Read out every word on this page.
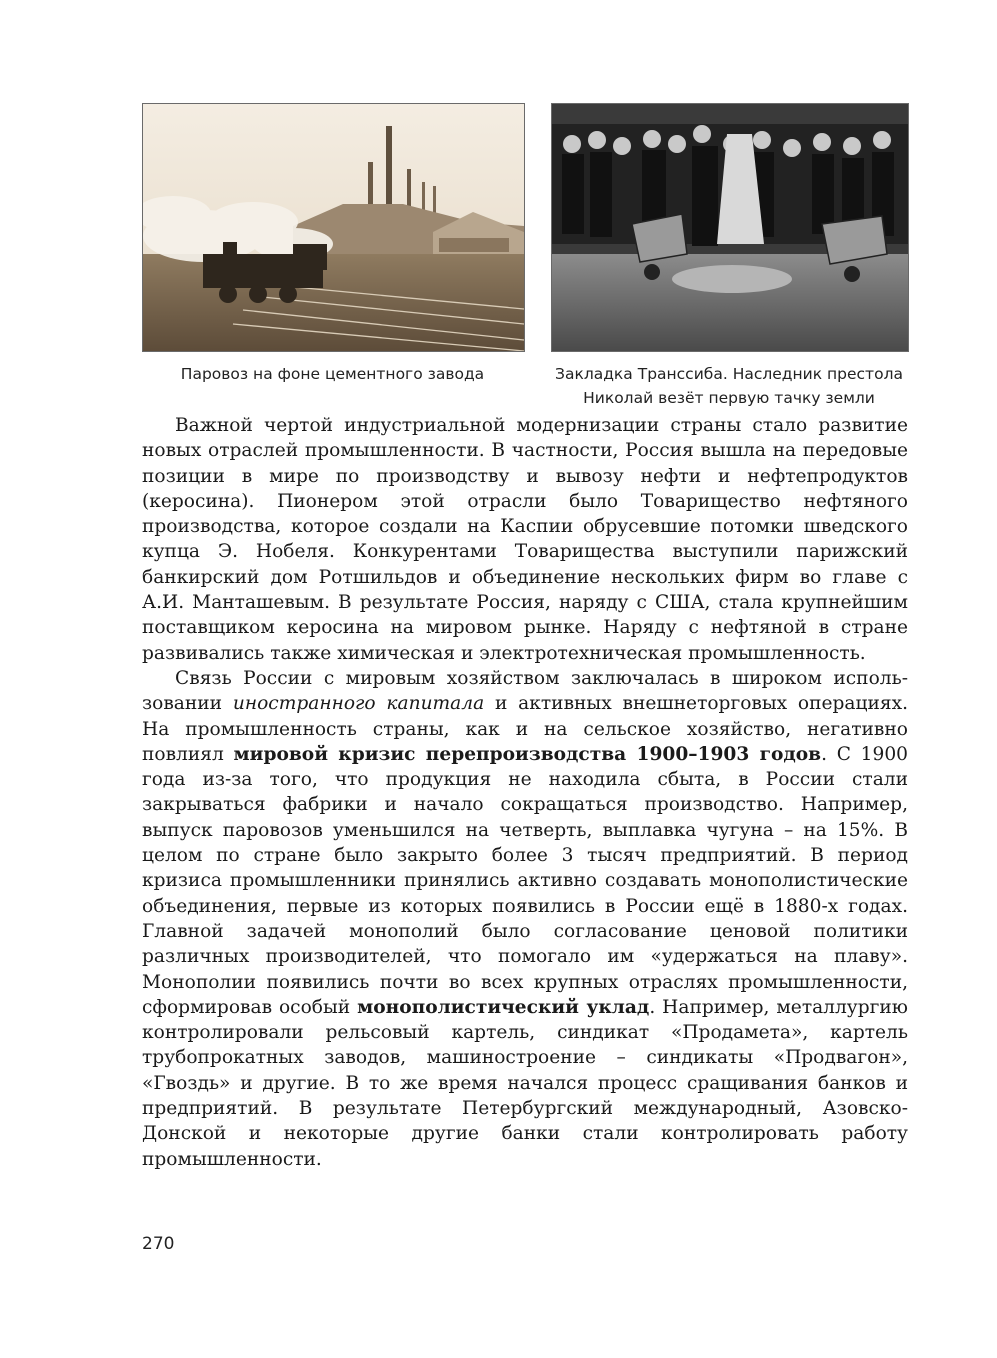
Паровоз на фоне цементного завода	Закладка Транссиба. Наследник престола
Николай везёт первую тачку земли

Важной чертой индустриальной модернизации страны стало развитие новых отраслей промышленности. В частности, Россия вышла на передовые позиции в мире по производству и вывозу нефти и нефтепродуктов (керосина). Пионером этой отрасли было Товарищество нефтяного производства, которое создали на Каспии обрусевшие потомки шведского купца Э. Нобеля. Конкурентами Товарищества выступили парижский банкирский дом Ротшильдов и объединение нескольких фирм во главе с А.И. Манташевым. В результате Россия, наряду с США, стала крупнейшим поставщиком керосина на мировом рынке. Наряду с нефтяной в стране развивались также химическая и электротехническая промышленность.

Связь России с мировым хозяйством заключалась в широком использовании иностранного капитала и активных внешнеторговых операциях. На промышленность страны, как и на сельское хозяйство, негативно повлиял мировой кризис перепроизводства 1900–1903 годов. С 1900 года из-за того, что продукция не находила сбыта, в России стали закрываться фабрики и начало сокращаться производство. Например, выпуск паровозов уменьшился на четверть, выплавка чугуна – на 15%. В целом по стране было закрыто более 3 тысяч предприятий. В период кризиса промышленники принялись активно создавать монополистические объединения, первые из которых появились в России ещё в 1880-х годах. Главной задачей монополий было согласование ценовой политики различных производителей, что помогало им «удержаться на плаву». Монополии появились почти во всех крупных отраслях промышленности, сформировав особый монополистический уклад. Например, металлургию контролировали рельсовый картель, синдикат «Продамета», картель трубопрокатных заводов, машиностроение – синдикаты «Продвагон», «Гвоздь» и другие. В то же время начался процесс сращивания банков и предприятий. В результате Петербургский международный, Азовско-Донской и некоторые другие банки стали контролировать работу промышленности.

270
